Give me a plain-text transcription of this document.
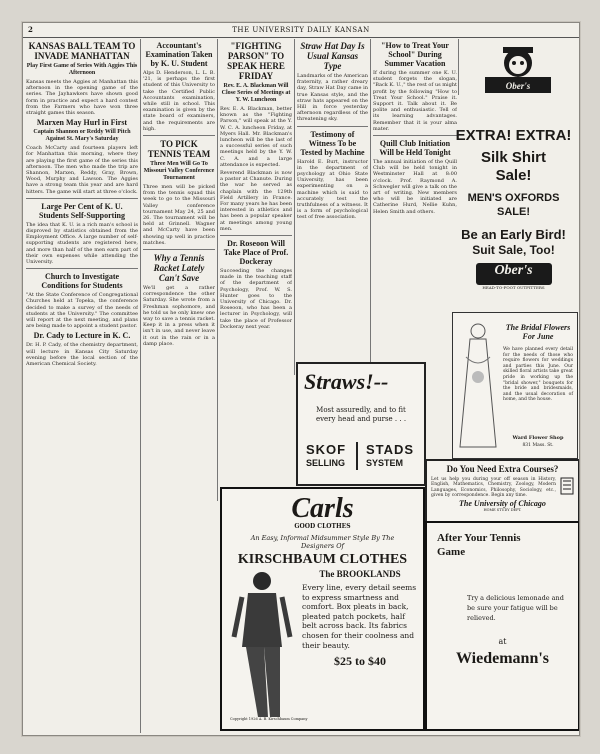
2	THE UNIVERSITY DAILY KANSAN
KANSAS BALL TEAM TO INVADE MANHATTAN
Play First Game of Series With Aggies This Afternoon
Kansas meets the Aggies at Manhattan this afternoon in the opening game of the series. The Jayhawkers have shown good form in practice and expect a hard contest from the Farmers who have won three straight games this season.
Marxen May Hurl in First
Captain Shannon or Reddy Will Pitch Against St. Mary's Saturday
Coach McCarty and fourteen players left for Manhattan this morning, where they are playing the first game of the series this afternoon. The men who made the trip are Shannon, Marxen, Reddy, Gray, Brown, Wood, Murphy and Lawson. The Aggies have a strong team this year and are hard hitters. The game will start at three o'clock.
Large Per Cent of K. U. Students Self-Supporting
The idea that K. U. is a rich man's school is disproved by statistics obtained from the Employment Office. A large number of self-supporting students are registered here, and more than half of the men earn part of their own expenses while attending the University.
Church to Investigate Conditions for Students
"At the State Conference of Congregational Churches held at Topeka, the conference decided to make a survey of the needs of students at the University." The committee will report at the next meeting, and plans are being made to appoint a student pastor.
Dr. Cady to Lecture in K. C.
Dr. H. P. Cady, of the chemistry department, will lecture in Kansas City Saturday evening before the local section of the American Chemical Society.
Accountant's Examination Taken by K. U. Student
Alps D. Henderson, L. L. B. '21, is perhaps the first student of this University to take the Certified Public Accountants examination, while still in school. This examination is given by the state board of examiners, and the requirements are high.
TO PICK TENNIS TEAM
Three Men Will Go To Missouri Valley Conference Tournament
Three men will be picked from the tennis squad this week to go to the Missouri Valley conference tournament May 24, 25 and 26. The tournament will be held at Grinnell. Wagner and McCarty have been showing up well in practice matches.
Why a Tennis Racket Lately Can't Save
We'll get a rather correspondence the other Saturday. She wrote from a Freshman sophomore, and he told us he only knew one way to save a tennis racket. Keep it in a press when it isn't in use, and never leave it out in the rain or in a damp place.
"FIGHTING PARSON" TO SPEAK HERE FRIDAY
Rev. E. A. Blackman Will Close Series of Meetings at Y. W. Luncheon
Rev. E. A. Blackman, better known as the "Fighting Parson," will speak at the Y. W. C. A. luncheon Friday, at Myers Hall. Mr. Blackman's luncheon will be the last of a successful series of such meetings held by the Y. W. C. A. and a large attendance is expected.
Reverend Blackman is now a pastor at Chanute. During the war he served as chaplain with the 129th Field Artillery in France. For many years he has been interested in athletics and has been a popular speaker at meetings among young men.
Dr. Roseoon Will Take Place of Prof. Dockeray
Succeeding the changes made in the teaching staff of the department of Psychology, Prof. W. S. Hunter goes to the University of Chicago. Dr. Roseoon, who has been a lecturer in Psychology, will take the place of Professor Dockeray next year.
Straw Hat Day Is Usual Kansas Type
Landmarks of the American fraternity, a rather dreary day, Straw Hat Day came in true Kansas style, and the straw hats appeared on the Hill in force yesterday afternoon regardless of the threatening sky.
Testimony of Witness To be Tested by Machine
Harold E. Burt, instructor in the department of psychology at Ohio State University, has been experimenting on a machine which is said to accurately test the truthfulness of a witness. It is a form of psychological test of free association.
"How to Treat Your School" During Summer Vacation
If during the summer one K. U. student forgets the slogan, "Back K. U.," the rest of us might profit by the following "How to Treat Your School." Praise it. Support it. Talk about it. Be polite and enthusiastic. Tell of its learning advantages. Remember that it is your alma mater.
Quill Club Initiation Will be Held Tonight
The annual initiation of the Quill Club will be held tonight in Westminster Hall at 8:00 o'clock. Prof. Raymond A. Schwegler will give a talk on the art of writing. New members who will be initiated are Catherine Hurd, Nellie Kuhn, Helen Smith and others.
Ober's
EXTRA! EXTRA!
Silk Shirt
Sale!
MEN'S OXFORDS
SALE!
Be an Early Bird!
Suit Sale, Too!
Ober's
HEAD-TO-FOOT OUTFITTERS
The Bridal Flowers For June
We have planned every detail for the needs of those who require flowers for weddings and parties this June. Our skilled floral artists take great pride in working up the "bridal shower," bouquets for the bride and bridesmaids, and the usual decoration of home, and the house.
Ward Flower Shop
831 Mass. St.
Do You Need Extra Courses?
Let us help you during your off season in History, English, Mathematics, Chemistry, Zoology, Modern Languages, Economics, Philosophy, Sociology, etc., given by correspondence. Begin any time.
The University of Chicago
HOME STUDY DEPT.
Straws!--
Most assuredly, and to fit
every head and purse . . .
SKOF STADS
SELLING SYSTEM
Carls
GOOD CLOTHES
An Easy, Informal Midsummer Style By The Designers Of
KIRSCHBAUM CLOTHES
The BROOKLANDS
Every line, every detail seems to express smartness and comfort. Box pleats in back, pleated patch pockets, half belt across back. Its fabrics chosen for their coolness and their beauty.
$25 to $40
Copyright 1926 A. B. Kirschbaum Company
After Your Tennis Game
Try a delicious lemonade and be sure your fatigue will be relieved.
at
Wiedemann's
